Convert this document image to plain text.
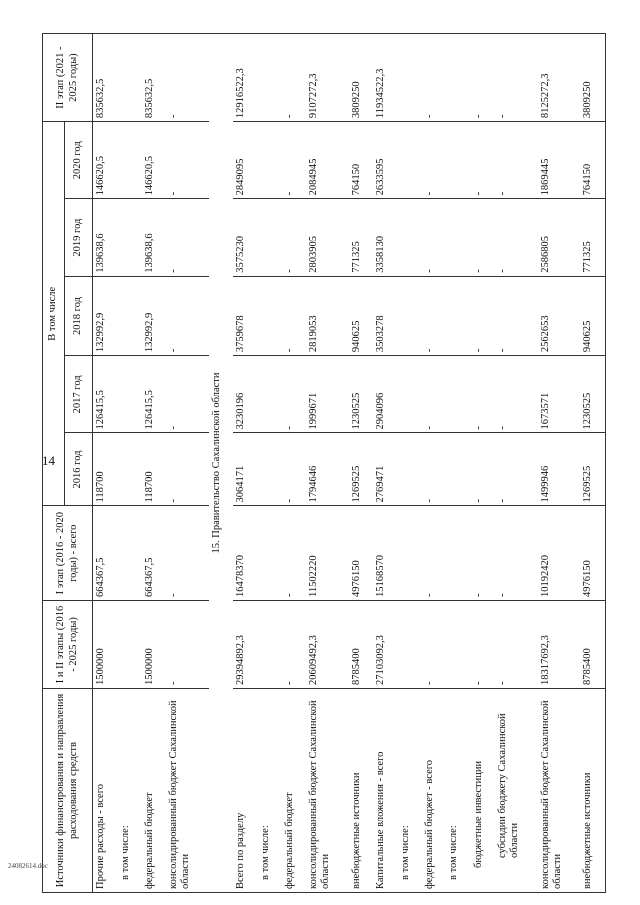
14
24082614.doc Источники финансирования и направления расходования средств	I и II этапы (2016 - 2025 годы)	I этап (2016 - 2020 годы) - всего	В том числе					II этап (2021 - 2025 годы)
			2016 год	2017 год	2018 год	2019 год	2020 год	
Прочие расходы - всего	1500000	664367,5	118700	126415,5	132992,9	139638,6	146620,5	835632,5
в том числе:								
федеральный бюджет	1500000	664367,5	118700	126415,5	132992,9	139638,6	146620,5	835632,5
консолидированный бюджет Сахалинской области	-	-	-	-	-	-	-	-
15. Правительство Сахалинской области								
Всего по разделу	29394892,3	16478370	3064171	3230196	3759678	3575230	2849095	12916522,3
в том числе:								
федеральный бюджет	-	-	-	-	-	-	-	-
консолидированный бюджет Сахалинской области	20609492,3	11502220	1794646	1999671	2819053	2803905	2084945	9107272,3
внебюджетные источники	8785400	4976150	1269525	1230525	940625	771325	764150	3809250
Капитальные вложения - всего	27103092,3	15168570	2769471	2904096	3503278	3358130	2633595	11934522,3
в том числе:								
федеральный бюджет - всего	-	-	-	-	-	-	-	-
в том числе:								
бюджетные инвестиции	-	-	-	-	-	-	-	-
субсидии бюджету Сахалинской области	-	-	-	-	-	-	-	-
консолидированный бюджет Сахалинской области	18317692,3	10192420	1499946	1673571	2562653	2586805	1869445	8125272,3
внебюджетные источники	8785400	4976150	1269525	1230525	940625	771325	764150	3809250
